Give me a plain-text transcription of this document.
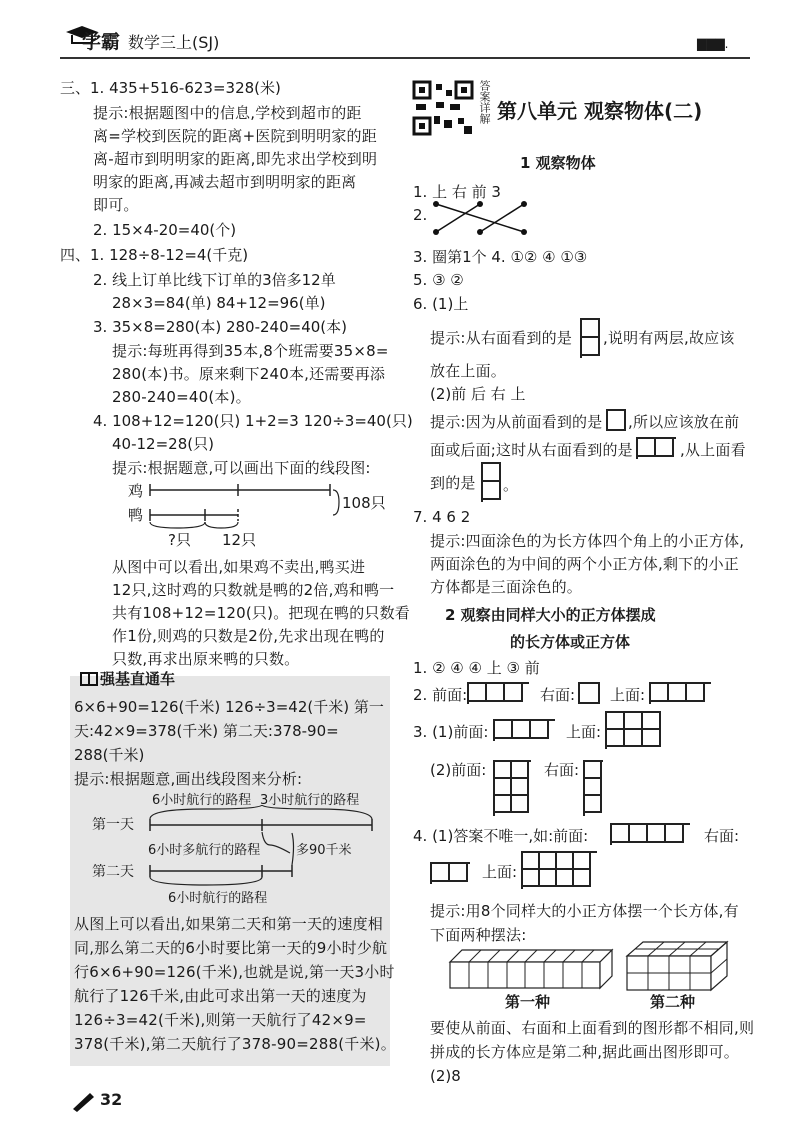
学霸 数学三上(SJ)	▇▇▇.
三、1. 435+516-623=328(米)
提示:根据题图中的信息,学校到超市的距
离=学校到医院的距离+医院到明明家的距
离-超市到明明家的距离,即先求出学校到明
明家的距离,再减去超市到明明家的距离
即可。
2. 15×4-20=40(个)
四、1. 128÷8-12=4(千克)
2. 线上订单比线下订单的3倍多12单
28×3=84(单) 84+12=96(单)
3. 35×8=280(本) 280-240=40(本)
提示:每班再得到35本,8个班需要35×8=
280(本)书。原来剩下240本,还需要再添
280-240=40(本)。
4. 108+12=120(只) 1+2=3 120÷3=40(只)
40-12=28(只)
提示:根据题意,可以画出下面的线段图:
鸡
鸭
108只
?只 12只
从图中可以看出,如果鸡不卖出,鸭买进
12只,这时鸡的只数就是鸭的2倍,鸡和鸭一
共有108+12=120(只)。把现在鸭的只数看
作1份,则鸡的只数是2份,先求出现在鸭的
只数,再求出原来鸭的只数。
强基直通车
6×6+90=126(千米) 126÷3=42(千米) 第一
天:42×9=378(千米) 第二天:378-90=
288(千米)
提示:根据题意,画出线段图来分析:
6小时航行的路程 3小时航行的路程
第一天
6小时多航行的路程	多90千米
第二天
6小时航行的路程
从图上可以看出,如果第二天和第一天的速度相
同,那么第二天的6小时要比第一天的9小时少航
行6×6+90=126(千米),也就是说,第一天3小时
航行了126千米,由此可求出第一天的速度为
126÷3=42(千米),则第一天航行了42×9=
378(千米),第二天航行了378-90=288(千米)。
32
答案详解 第八单元 观察物体(二)
1 观察物体
1. 上 右 前 3
2.
3. 圈第1个 4. ①② ④ ①③
5. ③ ②
6. (1)上
提示:从右面看到的是 ,说明有两层,故应该
放在上面。
(2)前 后 右 上
提示:因为从前面看到的是 ,所以应该放在前
面或后面;这时从右面看到的是	,从上面看
到的是 。
7. 4 6 2
提示:四面涂色的为长方体四个角上的小正方体,
两面涂色的为中间的两个小正方体,剩下的小正
方体都是三面涂色的。
2 观察由同样大小的正方体摆成
的长方体或正方体
1. ② ④ ④ 上 ③ 前
2. 前面:	右面: 上面:
3. (1)前面:	上面:
(2)前面:	右面:
4. (1)答案不唯一,如:前面:	右面:
上面:
提示:用8个同样大的小正方体摆一个长方体,有
下面两种摆法:
第一种	第二种
要使从前面、右面和上面看到的图形都不相同,则
拼成的长方体应是第二种,据此画出图形即可。
(2)8
